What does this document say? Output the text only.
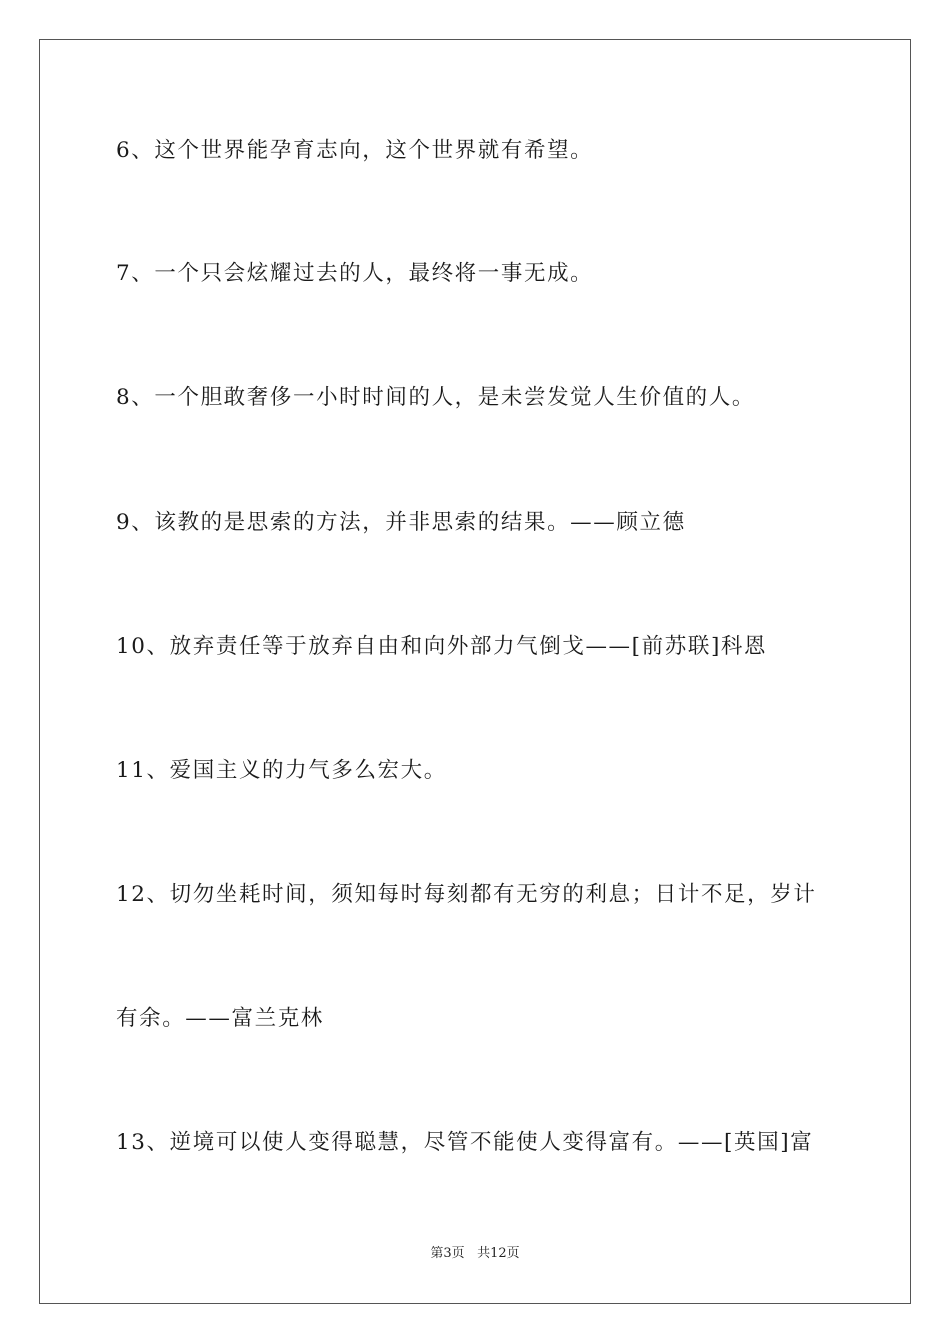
6、这个世界能孕育志向，这个世界就有希望。
7、一个只会炫耀过去的人，最终将一事无成。
8、一个胆敢奢侈一小时时间的人，是未尝发觉人生价值的人。
9、该教的是思索的方法，并非思索的结果。——顾立德
10、放弃责任等于放弃自由和向外部力气倒戈——[前苏联]科恩
11、爱国主义的力气多么宏大。
12、切勿坐耗时间，须知每时每刻都有无穷的利息；日计不足，岁计
有余。——富兰克林
13、逆境可以使人变得聪慧，尽管不能使人变得富有。——[英国]富
第3页 共12页
